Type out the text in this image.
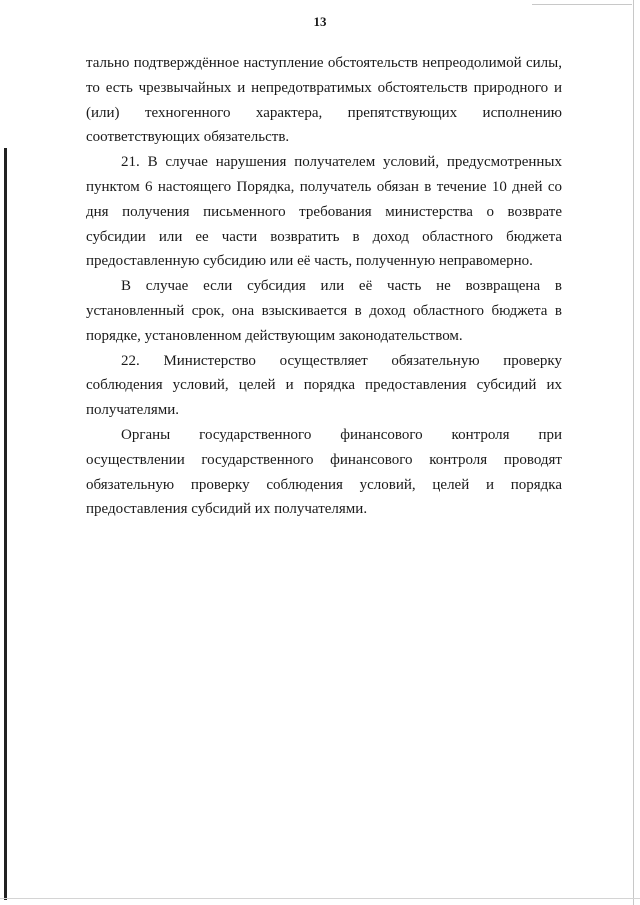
13

тально подтверждённое наступление обстоятельств непреодолимой силы, то есть чрезвычайных и непредотвратимых обстоятельств природного и (или) техногенного характера, препятствующих исполнению соответствующих обязательств.

21. В случае нарушения получателем условий, предусмотренных пунктом 6 настоящего Порядка, получатель обязан в течение 10 дней со дня получения письменного требования министерства о возврате субсидии или ее части возвратить в доход областного бюджета предоставленную субсидию или её часть, полученную неправомерно.

В случае если субсидия или её часть не возвращена в установленный срок, она взыскивается в доход областного бюджета в порядке, установленном действующим законодательством.

22. Министерство осуществляет обязательную проверку соблюдения условий, целей и порядка предоставления субсидий их получателями.

Органы государственного финансового контроля при осуществлении государственного финансового контроля проводят обязательную проверку соблюдения условий, целей и порядка предоставления субсидий их получателями.
